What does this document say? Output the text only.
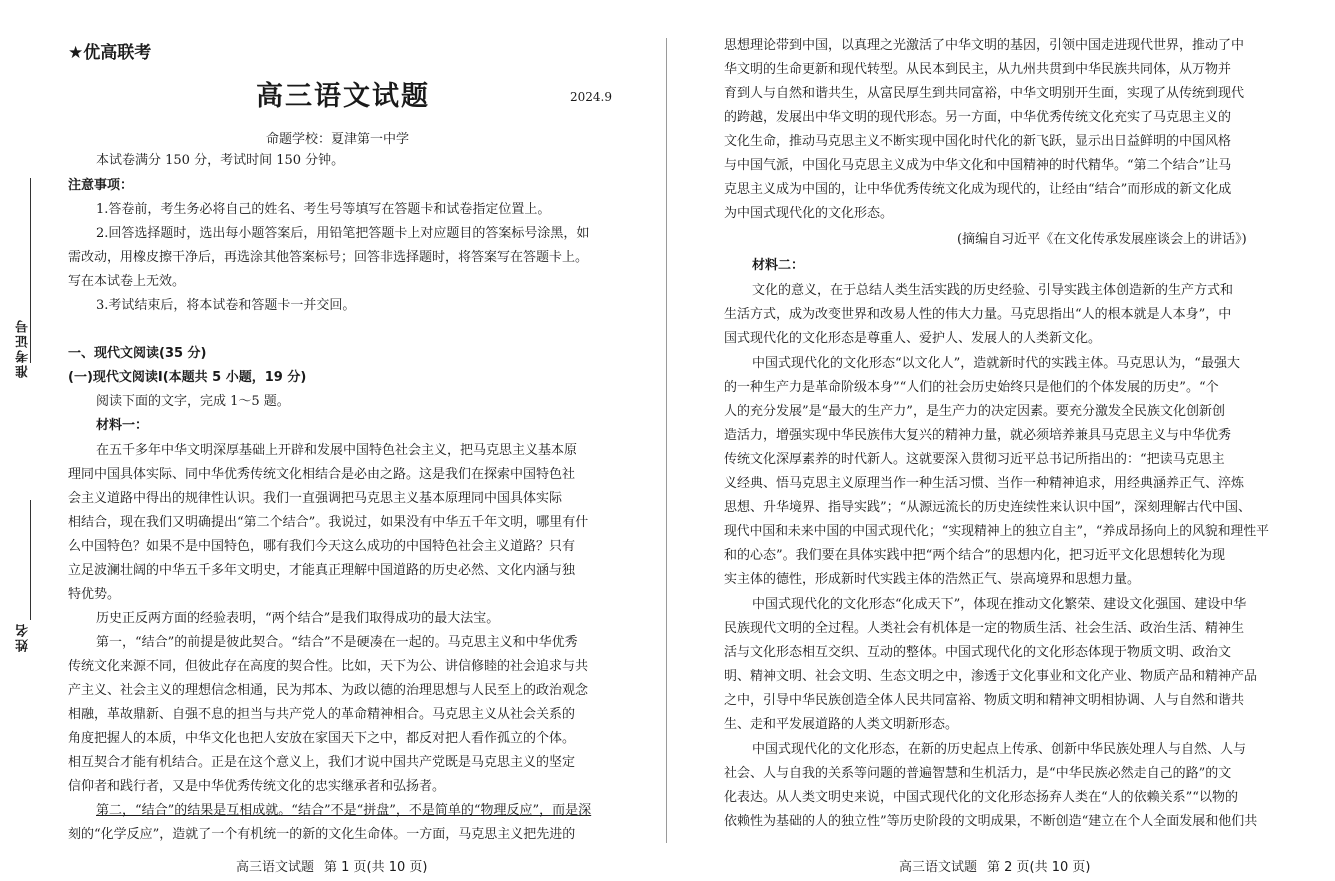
准考证号
姓名
★优高联考
高三语文试题	2024.9
命题学校：夏津第一中学
本试卷满分 150 分，考试时间 150 分钟。
注意事项：
1.答卷前，考生务必将自己的姓名、考生号等填写在答题卡和试卷指定位置上。
2.回答选择题时，选出每小题答案后，用铅笔把答题卡上对应题目的答案标号涂黑，如
需改动，用橡皮擦干净后，再选涂其他答案标号；回答非选择题时，将答案写在答题卡上。
写在本试卷上无效。
3.考试结束后，将本试卷和答题卡一并交回。
一、现代文阅读(35 分)
(一)现代文阅读Ⅰ(本题共 5 小题，19 分)
阅读下面的文字，完成 1～5 题。
材料一：
在五千多年中华文明深厚基础上开辟和发展中国特色社会主义，把马克思主义基本原
理同中国具体实际、同中华优秀传统文化相结合是必由之路。这是我们在探索中国特色社
会主义道路中得出的规律性认识。我们一直强调把马克思主义基本原理同中国具体实际
相结合，现在我们又明确提出“第二个结合”。我说过，如果没有中华五千年文明，哪里有什
么中国特色？如果不是中国特色，哪有我们今天这么成功的中国特色社会主义道路？只有
立足波澜壮阔的中华五千多年文明史，才能真正理解中国道路的历史必然、文化内涵与独
特优势。
历史正反两方面的经验表明，“两个结合”是我们取得成功的最大法宝。
第一，“结合”的前提是彼此契合。“结合”不是硬凑在一起的。马克思主义和中华优秀
传统文化来源不同，但彼此存在高度的契合性。比如，天下为公、讲信修睦的社会追求与共
产主义、社会主义的理想信念相通，民为邦本、为政以德的治理思想与人民至上的政治观念
相融，革故鼎新、自强不息的担当与共产党人的革命精神相合。马克思主义从社会关系的
角度把握人的本质，中华文化也把人安放在家国天下之中，都反对把人看作孤立的个体。
相互契合才能有机结合。正是在这个意义上，我们才说中国共产党既是马克思主义的坚定
信仰者和践行者，又是中华优秀传统文化的忠实继承者和弘扬者。
第二，“结合”的结果是互相成就。“结合”不是“拼盘”，不是简单的“物理反应”，而是深
刻的“化学反应”，造就了一个有机统一的新的文化生命体。一方面，马克思主义把先进的
高三语文试题 第 1 页(共 10 页)
思想理论带到中国，以真理之光激活了中华文明的基因，引领中国走进现代世界，推动了中
华文明的生命更新和现代转型。从民本到民主，从九州共贯到中华民族共同体，从万物并
育到人与自然和谐共生，从富民厚生到共同富裕，中华文明别开生面，实现了从传统到现代
的跨越，发展出中华文明的现代形态。另一方面，中华优秀传统文化充实了马克思主义的
文化生命，推动马克思主义不断实现中国化时代化的新飞跃，显示出日益鲜明的中国风格
与中国气派，中国化马克思主义成为中华文化和中国精神的时代精华。“第二个结合”让马
克思主义成为中国的，让中华优秀传统文化成为现代的，让经由“结合”而形成的新文化成
为中国式现代化的文化形态。
(摘编自习近平《在文化传承发展座谈会上的讲话》)
材料二：
文化的意义，在于总结人类生活实践的历史经验、引导实践主体创造新的生产方式和
生活方式，成为改变世界和改易人性的伟大力量。马克思指出“人的根本就是人本身”，中
国式现代化的文化形态是尊重人、爱护人、发展人的人类新文化。
中国式现代化的文化形态“以文化人”，造就新时代的实践主体。马克思认为，“最强大
的一种生产力是革命阶级本身”“人们的社会历史始终只是他们的个体发展的历史”。“个
人的充分发展”是“最大的生产力”，是生产力的决定因素。要充分激发全民族文化创新创
造活力，增强实现中华民族伟大复兴的精神力量，就必须培养兼具马克思主义与中华优秀
传统文化深厚素养的时代新人。这就要深入贯彻习近平总书记所指出的：“把读马克思主
义经典、悟马克思主义原理当作一种生活习惯、当作一种精神追求，用经典涵养正气、淬炼
思想、升华境界、指导实践”；“从源远流长的历史连续性来认识中国”，深刻理解古代中国、
现代中国和未来中国的中国式现代化；“实现精神上的独立自主”，“养成昂扬向上的风貌和理性平
和的心态”。我们要在具体实践中把“两个结合”的思想内化，把习近平文化思想转化为现
实主体的德性，形成新时代实践主体的浩然正气、崇高境界和思想力量。
中国式现代化的文化形态“化成天下”，体现在推动文化繁荣、建设文化强国、建设中华
民族现代文明的全过程。人类社会有机体是一定的物质生活、社会生活、政治生活、精神生
活与文化形态相互交织、互动的整体。中国式现代化的文化形态体现于物质文明、政治文
明、精神文明、社会文明、生态文明之中，渗透于文化事业和文化产业、物质产品和精神产品
之中，引导中华民族创造全体人民共同富裕、物质文明和精神文明相协调、人与自然和谐共
生、走和平发展道路的人类文明新形态。
中国式现代化的文化形态，在新的历史起点上传承、创新中华民族处理人与自然、人与
社会、人与自我的关系等问题的普遍智慧和生机活力，是“中华民族必然走自己的路”的文
化表达。从人类文明史来说，中国式现代化的文化形态扬弃人类在“人的依赖关系”“以物的
依赖性为基础的人的独立性”等历史阶段的文明成果，不断创造“建立在个人全面发展和他们共
高三语文试题 第 2 页(共 10 页)
